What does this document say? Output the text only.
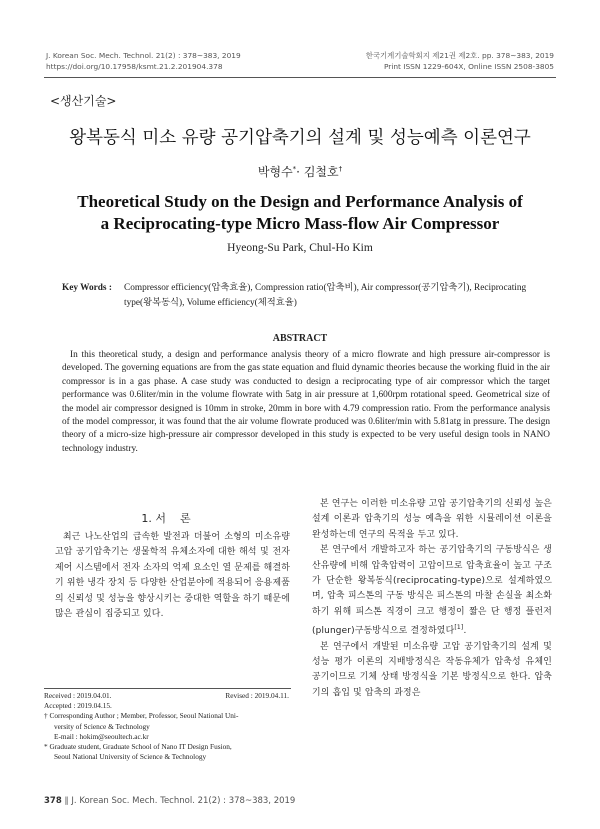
J. Korean Soc. Mech. Technol. 21(2) : 378~383, 2019
https://doi.org/10.17958/ksmt.21.2.201904.378
한국기계기술학회지 제21권 제2호. pp. 378~383, 2019
Print ISSN 1229-604X, Online ISSN 2508-3805
<생산기술>
왕복동식 미소 유량 공기압축기의 설계 및 성능예측 이론연구
박형수*· 김철호†
Theoretical Study on the Design and Performance Analysis of
a Reciprocating-type Micro Mass-flow Air Compressor
Hyeong-Su Park, Chul-Ho Kim
Key Words : Compressor efficiency(압축효율), Compression ratio(압축비), Air compressor(공기압축기), Reciprocating type(왕복동식), Volume efficiency(체적효율)
ABSTRACT
In this theoretical study, a design and performance analysis theory of a micro flowrate and high pressure air-compressor is developed. The governing equations are from the gas state equation and fluid dynamic theories because the working fluid in the air compressor is in a gas phase. A case study was conducted to design a reciprocating type of air compressor which the target performance was 0.6liter/min in the volume flowrate with 5atg in air pressure at 1,600rpm rotational speed. Geometrical size of the model air compressor designed is 10mm in stroke, 20mm in bore with 4.79 compression ratio. From the performance analysis of the model compressor, it was found that the air volume flowrate produced was 0.6liter/min with 5.81atg in pressure. The design theory of a micro-size high-pressure air compressor developed in this study is expected to be very useful design tools in NANO technology industry.
1. 서    론
최근 나노산업의 급속한 발전과 더불어 소형의 미소유량 고압 공기압축기는 생물학적 유체소자에 대한 해석 및 전자제어 시스템에서 전자 소자의 억제 요소인 열 문제를 해결하기 위한 냉각 장치 등 다양한 산업분야에 적용되어 응용제품의 신뢰성 및 성능을 향상시키는 중대한 역할을 하기 때문에 많은 관심이 집중되고 있다.
Received : 2019.04.01.	Revised : 2019.04.11.
Accepted : 2019.04.15.
† Corresponding Author ; Member, Professor, Seoul National Uni-
versity of Science & Technology
E-mail : hokim@seoultech.ac.kr
* Graduate student, Graduate School of Nano IT Design Fusion,
Seoul National University of Science & Technology

본 연구는 이러한 미소유량 고압 공기압축기의 신뢰성 높은 설계 이론과 압축기의 성능 예측을 위한 시뮬레이션 이론을 완성하는데 연구의 목적을 두고 있다.

본 연구에서 개발하고자 하는 공기압축기의 구동방식은 생산유량에 비해 압축압력이 고압이므로 압축효율이 높고 구조가 단순한 왕복동식(reciprocating-type)으로 설계하였으며, 압축 피스톤의 구동 방식은 피스톤의 마찰 손실을 최소화하기 위해 피스톤 직경이 크고 행정이 짧은 단 행정 플런저(plunger)구동방식으로 결정하였다[1].

본 연구에서 개발된 미소유량 고압 공기압축기의 설계 및 성능 평가 이론의 지배방정식은 작동유체가 압축성 유체인 공기이므로 기체 상태 방정식을 기본 방정식으로 한다. 압축기의 흡입 및 압축의 과정은

378 ∥ J. Korean Soc. Mech. Technol. 21(2) : 378~383, 2019
